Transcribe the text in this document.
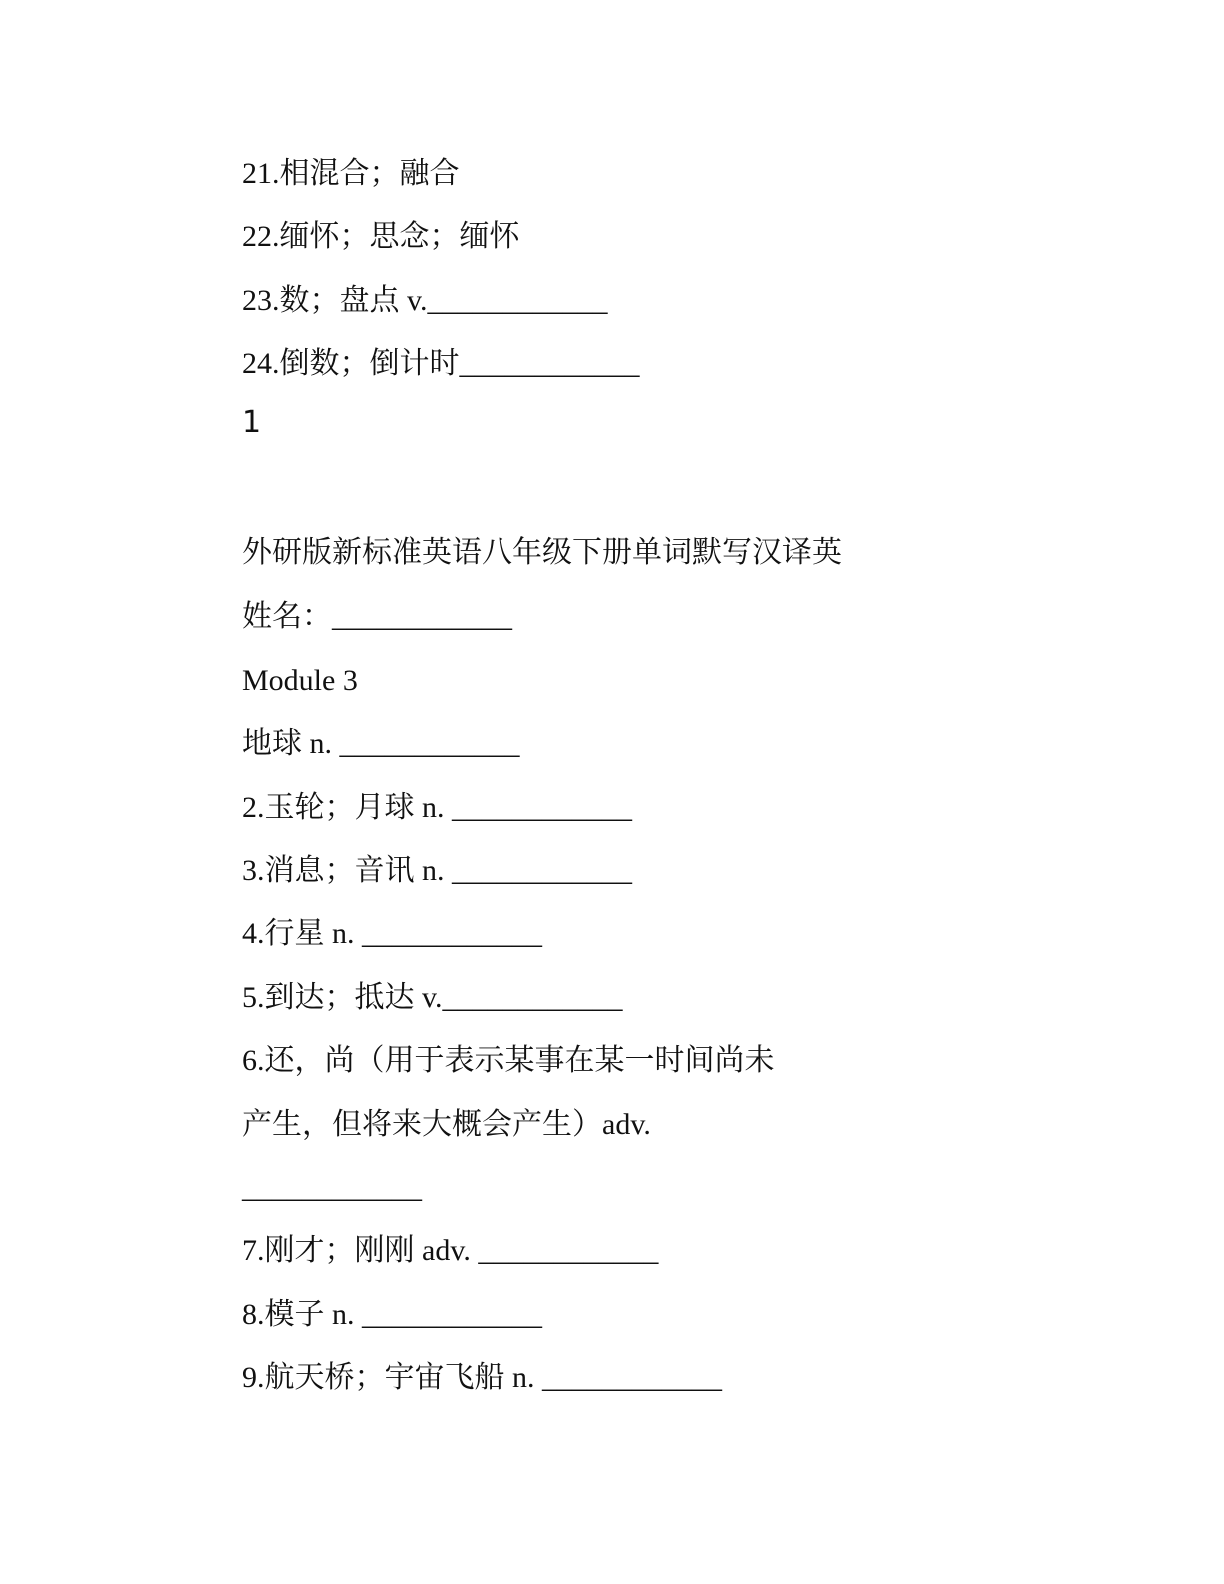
21.相混合；融合
22.缅怀；思念；缅怀
23.数；盘点 v.____________
24.倒数；倒计时____________
1
外研版新标准英语八年级下册单词默写汉译英
姓名：____________
Module 3
地球 n. ____________
2.玉轮；月球 n. ____________
3.消息；音讯 n. ____________
4.行星 n. ____________
5.到达；抵达 v.____________
6.还，尚（用于表示某事在某一时间尚未
产生，但将来大概会产生）adv.
____________
7.刚才；刚刚 adv. ____________
8.模子 n. ____________
9.航天桥；宇宙飞船 n. ____________
